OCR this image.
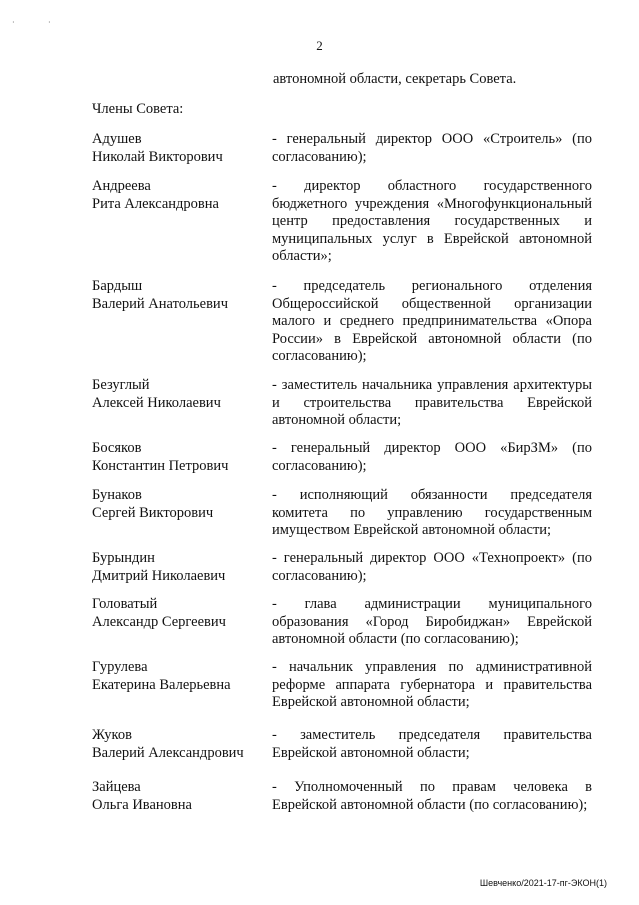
·	·
2
автономной области, секретарь Совета.
Члены Совета:
Адушев
Николай Викторович
- генеральный директор ООО «Строитель» (по согласованию);
Андреева
Рита Александровна
- директор областного государственного бюджетного учреждения «Многофункциональный центр предоставления государственных и муниципальных услуг в Еврейской автономной области»;
Бардыш
Валерий Анатольевич
- председатель регионального отделения Общероссийской общественной организации малого и среднего предпринимательства «Опора России» в Еврейской автономной области (по согласованию);
Безуглый
Алексей Николаевич
- заместитель начальника управления архитектуры и строительства правительства Еврейской автономной области;
Босяков
Константин Петрович
- генеральный директор ООО «БирЗМ» (по согласованию);
Бунаков
Сергей Викторович
- исполняющий обязанности председателя комитета по управлению государственным имуществом Еврейской автономной области;
Бурындин
Дмитрий Николаевич
- генеральный директор ООО «Технопроект» (по согласованию);
Головатый
Александр Сергеевич
- глава администрации муниципального образования «Город Биробиджан» Еврейской автономной области (по согласованию);
Гурулева
Екатерина Валерьевна
- начальник управления по административной реформе аппарата губернатора и правительства Еврейской автономной области;
Жуков
Валерий Александрович
- заместитель председателя правительства Еврейской автономной области;
Зайцева
Ольга Ивановна
- Уполномоченный по правам человека в Еврейской автономной области (по согласованию);
Шевченко/2021-17-пг-ЭКОН(1)
